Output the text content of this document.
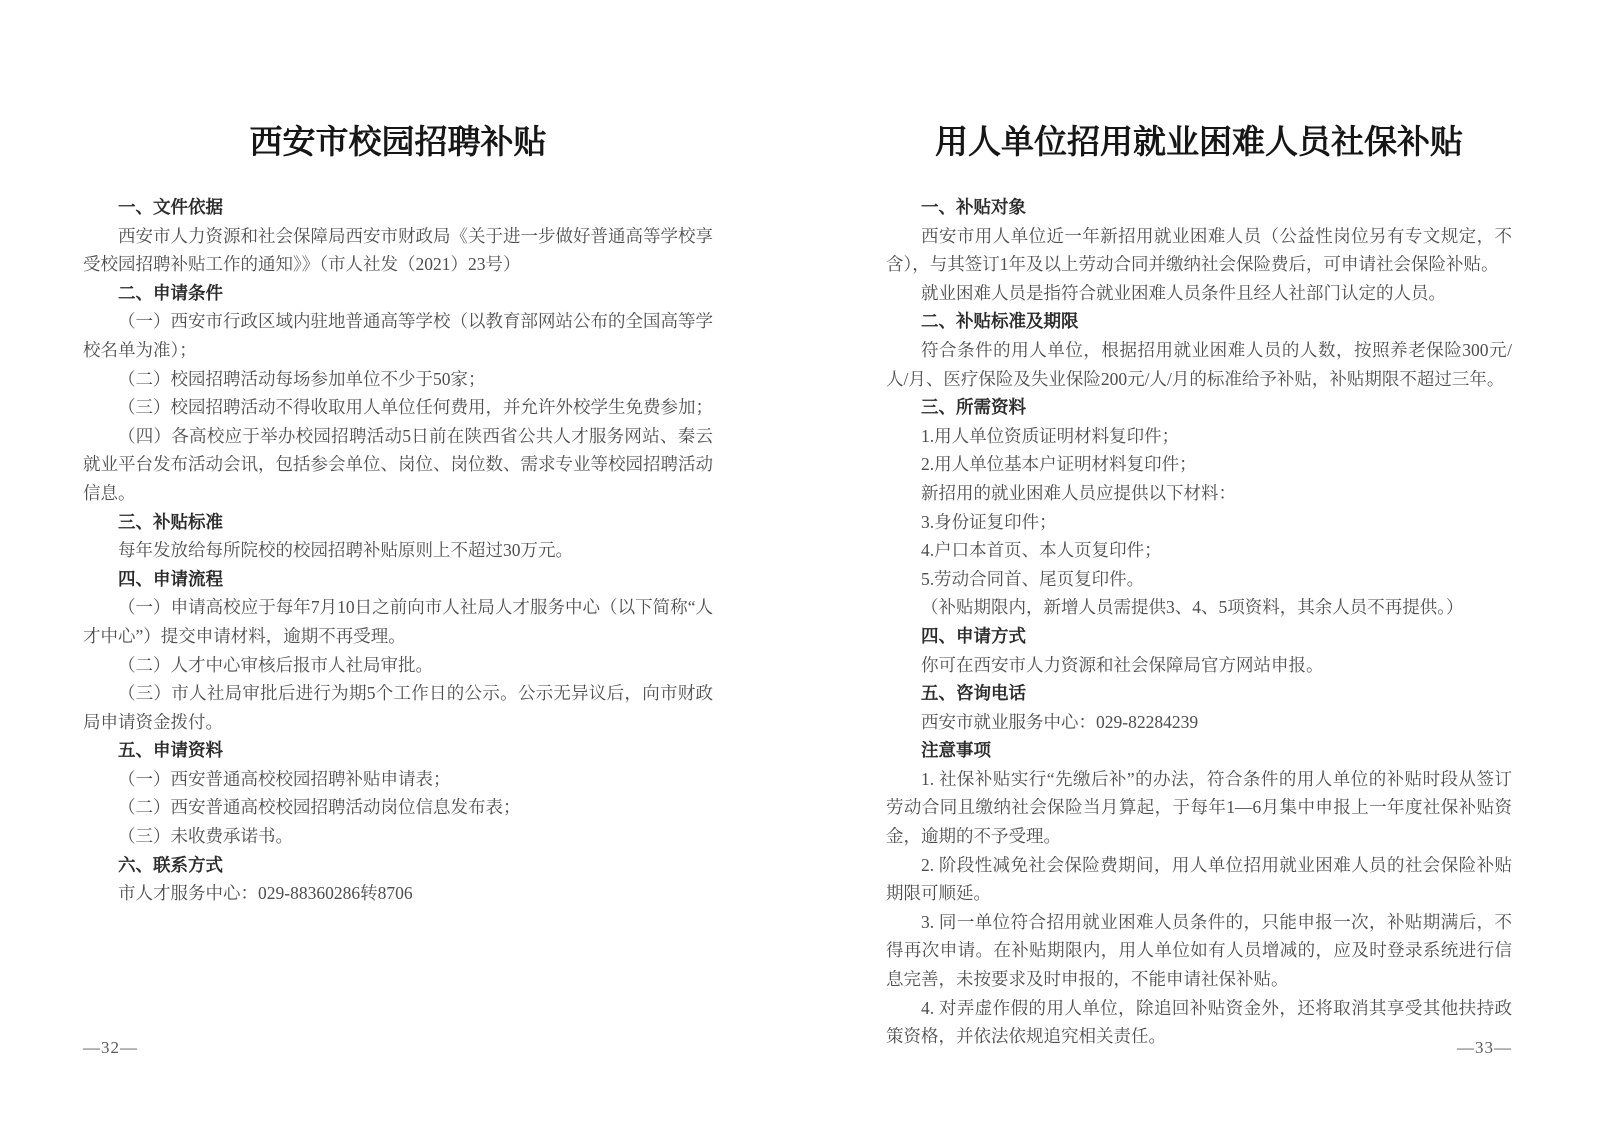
西安市校园招聘补贴

一、文件依据

西安市人力资源和社会保障局西安市财政局《关于进一步做好普通高等学校享受校园招聘补贴工作的通知》》（市人社发（2021）23号）

二、申请条件

（一）西安市行政区域内驻地普通高等学校（以教育部网站公布的全国高等学校名单为准）；

（二）校园招聘活动每场参加单位不少于50家；

（三）校园招聘活动不得收取用人单位任何费用，并允许外校学生免费参加；

（四）各高校应于举办校园招聘活动5日前在陕西省公共人才服务网站、秦云就业平台发布活动会讯，包括参会单位、岗位、岗位数、需求专业等校园招聘活动信息。

三、补贴标准

每年发放给每所院校的校园招聘补贴原则上不超过30万元。

四、申请流程

（一）申请高校应于每年7月10日之前向市人社局人才服务中心（以下简称“人才中心”）提交申请材料，逾期不再受理。

（二）人才中心审核后报市人社局审批。

（三）市人社局审批后进行为期5个工作日的公示。公示无异议后，向市财政局申请资金拨付。

五、申请资料

（一）西安普通高校校园招聘补贴申请表；

（二）西安普通高校校园招聘活动岗位信息发布表；

（三）未收费承诺书。

六、联系方式

市人才服务中心：029-88360286转8706

—32—
用人单位招用就业困难人员社保补贴

一、补贴对象

西安市用人单位近一年新招用就业困难人员（公益性岗位另有专文规定，不含），与其签订1年及以上劳动合同并缴纳社会保险费后，可申请社会保险补贴。

就业困难人员是指符合就业困难人员条件且经人社部门认定的人员。

二、补贴标准及期限

符合条件的用人单位，根据招用就业困难人员的人数，按照养老保险300元/人/月、医疗保险及失业保险200元/人/月的标准给予补贴，补贴期限不超过三年。

三、所需资料

1.用人单位资质证明材料复印件；

2.用人单位基本户证明材料复印件；

新招用的就业困难人员应提供以下材料：

3.身份证复印件；

4.户口本首页、本人页复印件；

5.劳动合同首、尾页复印件。

（补贴期限内，新增人员需提供3、4、5项资料，其余人员不再提供。）

四、申请方式

你可在西安市人力资源和社会保障局官方网站申报。

五、咨询电话

西安市就业服务中心：029-82284239

注意事项

1. 社保补贴实行“先缴后补”的办法，符合条件的用人单位的补贴时段从签订劳动合同且缴纳社会保险当月算起，于每年1—6月集中申报上一年度社保补贴资金，逾期的不予受理。

2. 阶段性减免社会保险费期间，用人单位招用就业困难人员的社会保险补贴期限可顺延。

3. 同一单位符合招用就业困难人员条件的，只能申报一次，补贴期满后，不得再次申请。在补贴期限内，用人单位如有人员增减的，应及时登录系统进行信息完善，未按要求及时申报的，不能申请社保补贴。

4. 对弄虚作假的用人单位，除追回补贴资金外，还将取消其享受其他扶持政策资格，并依法依规追究相关责任。

—33—
